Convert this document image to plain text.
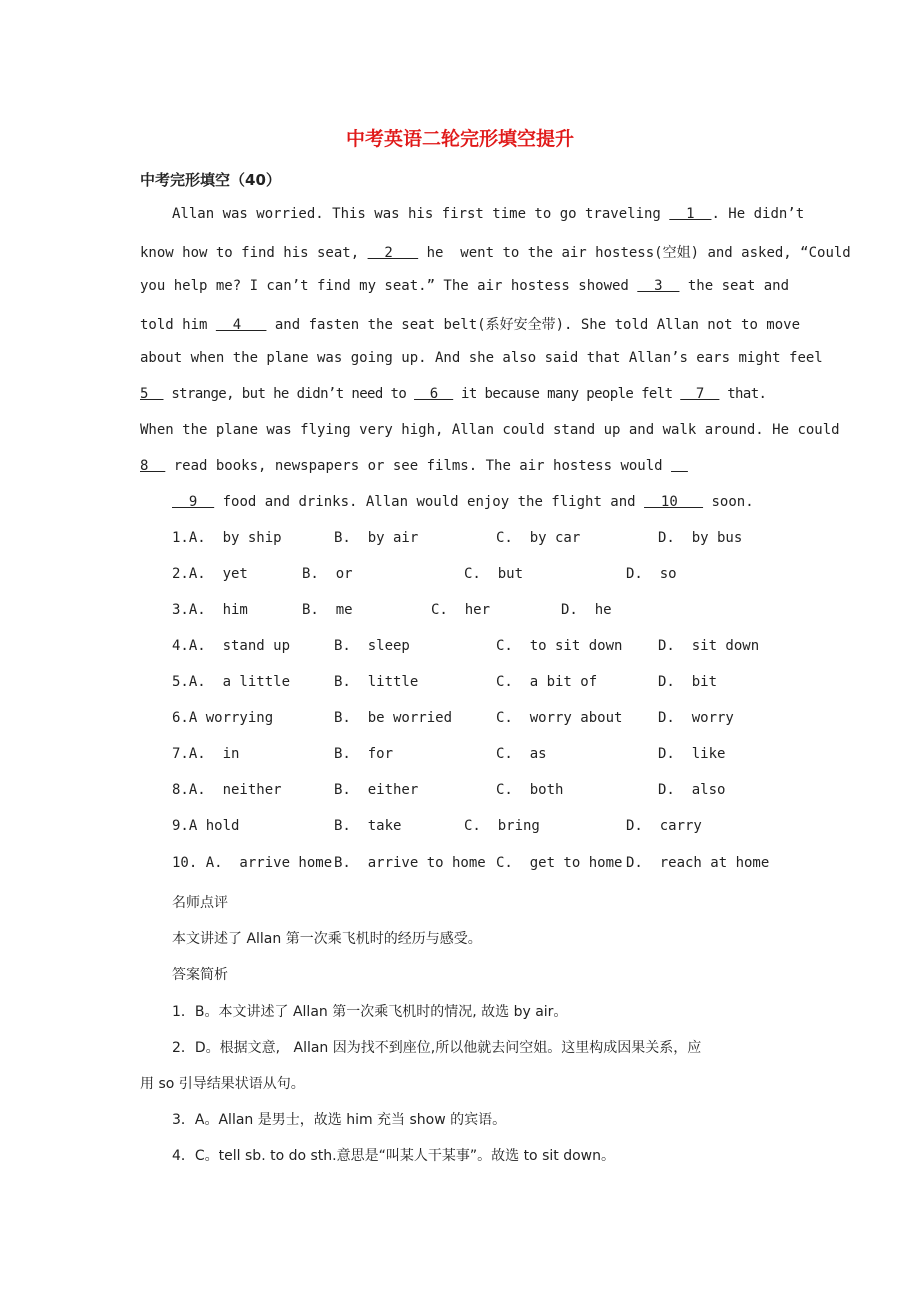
中考英语二轮完形填空提升
中考完形填空（40）
Allan was worried. This was his first time to go traveling   1  . He didn’t
know how to find his seat,   2    he  went to the air hostess(空姐) and asked, “Could
you help me? I can’t find my seat.” The air hostess showed   3   the seat and
told him   4    and fasten the seat belt(系好安全带). She told Allan not to move
about when the plane was going up. And she also said that Allan’s ears might feel
5   strange, but he didn’t need to   6   it because many people felt   7   that.
When the plane was flying very high, Allan could stand up and walk around. He could
8   read books, newspapers or see films. The air hostess would
9   food and drinks. Allan would enjoy the flight and   10    soon.
1.A.  by ship	B.  by air	C.  by car	D.  by bus
2.A.  yet	B.  or	C.  but	D.  so
3.A.  him	B.  me	C.  her	D.  he
4.A.  stand up	B.  sleep	C.  to sit down	D.  sit down
5.A.  a little	B.  little	C.  a bit of	D.  bit
6.A worrying	B.  be worried	C.  worry about	D.  worry
7.A.  in	B.  for	C.  as	D.  like
8.A.  neither	B.  either	C.  both	D.  also
9.A hold	B.  take	C.  bring	D.  carry
10. A.  arrive home B.  arrive to home C.  get to home D.  reach at home
名师点评
本文讲述了 Allan 第一次乘飞机时的经历与感受。
答案简析
1．B。本文讲述了 Allan 第一次乘飞机时的情况, 故选 by air。
2．D。根据文意,   Allan 因为找不到座位,所以他就去问空姐。这里构成因果关系，应
用 so 引导结果状语从句。
3．A。Allan 是男士，故选 him 充当 show 的宾语。
4．C。tell sb. to do sth.意思是“叫某人干某事”。故选 to sit down。
